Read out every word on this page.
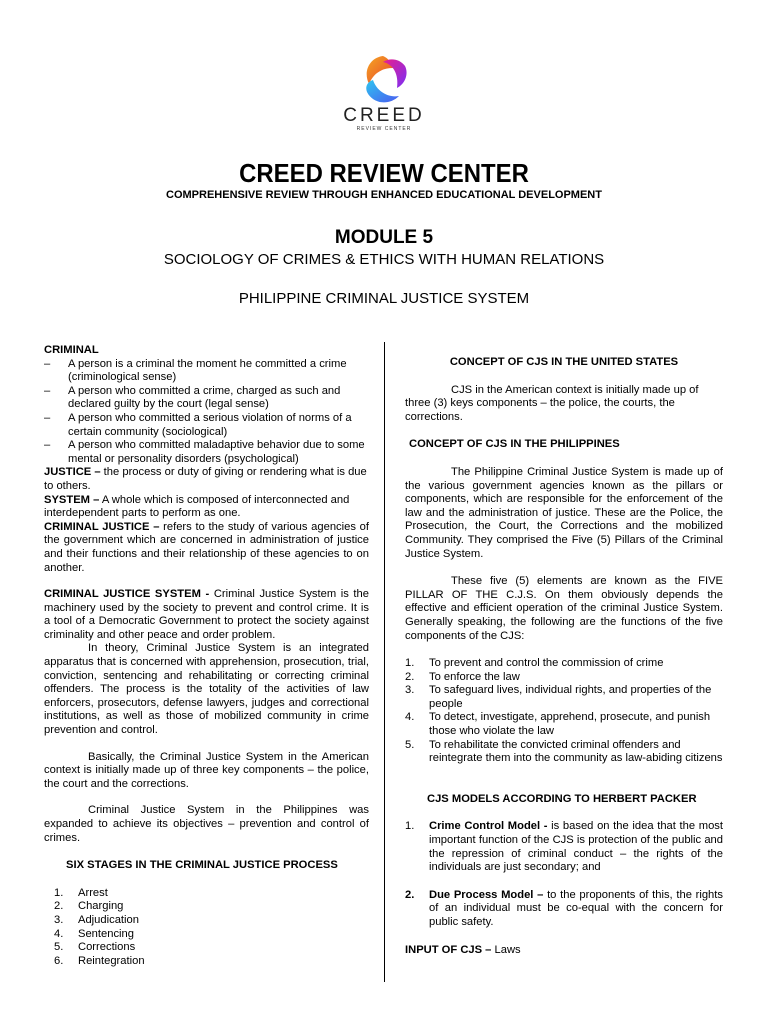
CREED
REVIEW CENTER
CREED REVIEW CENTER
COMPREHENSIVE REVIEW THROUGH ENHANCED EDUCATIONAL DEVELOPMENT
MODULE 5
SOCIOLOGY OF CRIMES & ETHICS WITH HUMAN RELATIONS
PHILIPPINE CRIMINAL JUSTICE SYSTEM

CRIMINAL

– A person is a criminal the moment he committed a crime (criminological sense)
– A person who committed a crime, charged as such and declared guilty by the court (legal sense)
– A person who committed a serious violation of norms of a certain community (sociological)
– A person who committed maladaptive behavior due to some mental or personality disorders (psychological)

JUSTICE – the process or duty of giving or rendering what is due to others.

SYSTEM – A whole which is composed of interconnected and interdependent parts to perform as one.

CRIMINAL JUSTICE – refers to the study of various agencies of the government which are concerned in administration of justice and their functions and their relationship of these agencies to on another.

CRIMINAL JUSTICE SYSTEM - Criminal Justice System is the machinery used by the society to prevent and control crime. It is a tool of a Democratic Government to protect the society against criminality and other peace and order problem.

In theory, Criminal Justice System is an integrated apparatus that is concerned with apprehension, prosecution, trial, conviction, sentencing and rehabilitating or correcting criminal offenders. The process is the totality of the activities of law enforcers, prosecutors, defense lawyers, judges and correctional institutions, as well as those of mobilized community in crime prevention and control.

Basically, the Criminal Justice System in the American context is initially made up of three key components – the police, the court and the corrections.

Criminal Justice System in the Philippines was expanded to achieve its objectives – prevention and control of crimes.

SIX STAGES IN THE CRIMINAL JUSTICE PROCESS

1. Arrest
2. Charging
3. Adjudication
4. Sentencing
5. Corrections
6. Reintegration

CONCEPT OF CJS IN THE UNITED STATES

CJS in the American context is initially made up of three (3) keys components – the police, the courts, the corrections.

CONCEPT OF CJS IN THE PHILIPPINES

The Philippine Criminal Justice System is made up of the various government agencies known as the pillars or components, which are responsible for the enforcement of the law and the administration of justice. These are the Police, the Prosecution, the Court, the Corrections and the mobilized Community. They comprised the Five (5) Pillars of the Criminal Justice System.

These five (5) elements are known as the FIVE PILLAR OF THE C.J.S. On them obviously depends the effective and efficient operation of the criminal Justice System. Generally speaking, the following are the functions of the five components of the CJS:

1. To prevent and control the commission of crime
2. To enforce the law
3. To safeguard lives, individual rights, and properties of the people
4. To detect, investigate, apprehend, prosecute, and punish those who violate the law
5. To rehabilitate the convicted criminal offenders and reintegrate them into the community as law-abiding citizens

CJS MODELS ACCORDING TO HERBERT PACKER

1. Crime Control Model - is based on the idea that the most important function of the CJS is protection of the public and the repression of criminal conduct – the rights of the individuals are just secondary; and
2. Due Process Model – to the proponents of this, the rights of an individual must be co-equal with the concern for public safety.

INPUT OF CJS – Laws
